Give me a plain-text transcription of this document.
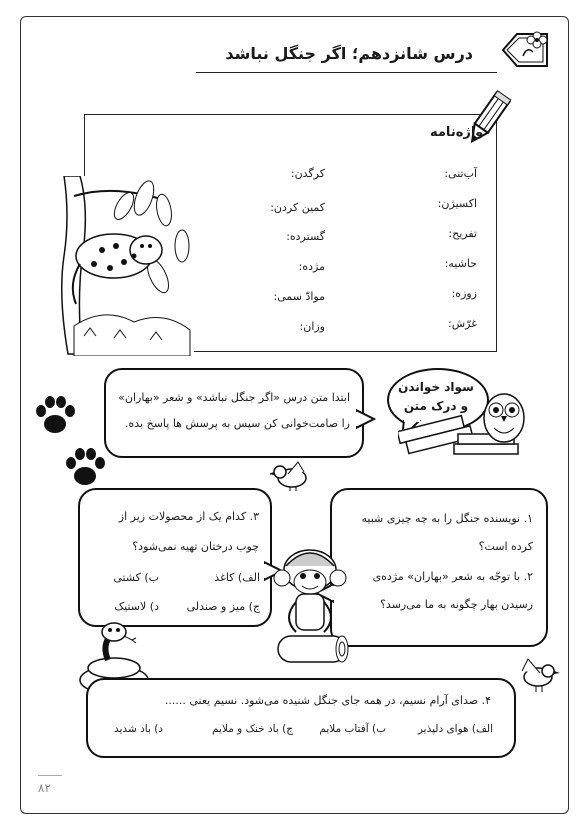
درس شانزدهم؛ اگر جنگل نباشد
واژه‌نامه
آب‌تنی:
اکسیژن:
تفریح:
حاشیه:
زوزه:
غرّش:
کرگدن:
کمین کردن:
گسترده:
مژده:
موادّ سمی:
وزان:
سواد خواندن
و درک متن
ابتدا متن درس «اگر جنگل نباشد» و شعر «بهاران»
را صامت‌خوانی کن سپس به پرسش ها پاسخ بده.
۱. نویسنده جنگل را به چه چیزی شبیه
کرده است؟
۲. با توجّه به شعر «بهاران» مژده‌ی
رسیدن بهار چگونه به ما می‌رسد؟
۳. کدام یک از محصولات زیر از
چوب درختان تهیه نمی‌شود؟
الف) کاغذ
ب) کشتی
ج) میز و صندلی
د) لاستیک
۴. صدای آرام نسیم، در همه جای جنگل شنیده می‌شود. نسیم یعنی ......
الف) هوای دلپذیر
ب) آفتاب ملایم
ج) باد خنک و ملایم
د) باد شدید
۸۲
